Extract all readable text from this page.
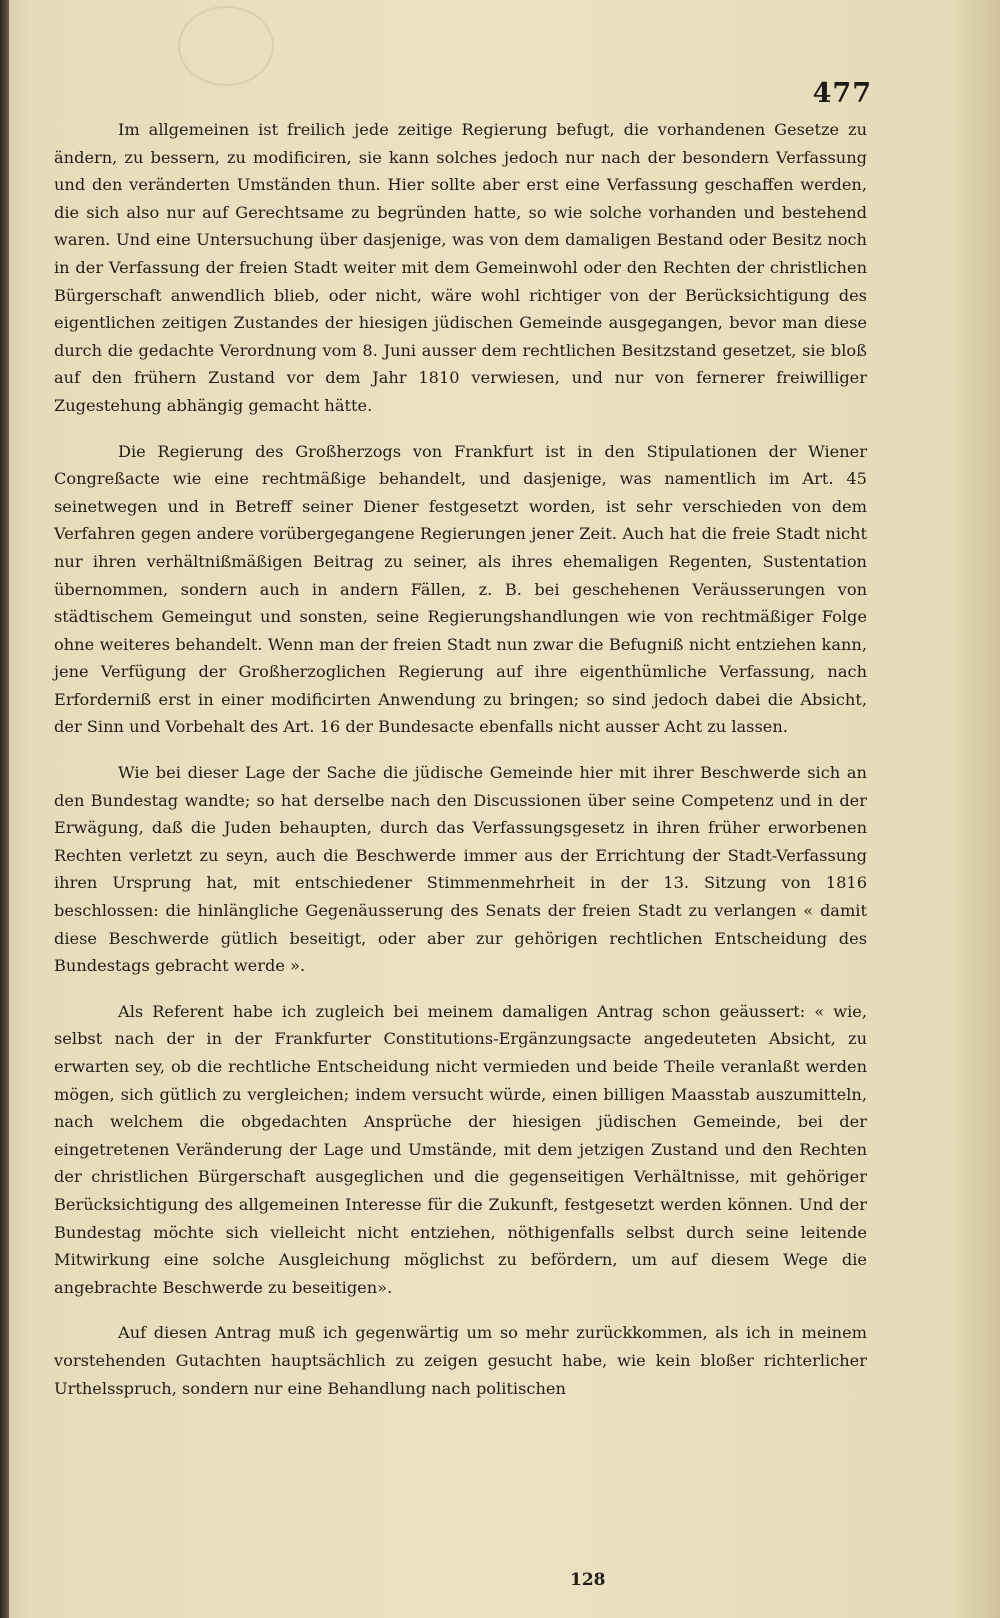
477

Im allgemeinen ist freilich jede zeitige Regierung befugt, die vorhandenen Gesetze zu ändern, zu bessern, zu modificiren, sie kann solches jedoch nur nach der besondern Verfassung und den veränderten Umständen thun. Hier sollte aber erst eine Verfassung geschaffen werden, die sich also nur auf Gerechtsame zu begründen hatte, so wie solche vorhanden und bestehend waren. Und eine Untersuchung über dasjenige, was von dem damaligen Bestand oder Besitz noch in der Verfassung der freien Stadt weiter mit dem Gemeinwohl oder den Rechten der christlichen Bürgerschaft anwendlich blieb, oder nicht, wäre wohl richtiger von der Berücksichtigung des eigentlichen zeitigen Zustandes der hiesigen jüdischen Gemeinde ausgegangen, bevor man diese durch die gedachte Verordnung vom 8. Juni ausser dem rechtlichen Besitzstand gesetzet, sie bloß auf den frühern Zustand vor dem Jahr 1810 verwiesen, und nur von fernerer freiwilliger Zugestehung abhängig gemacht hätte.

Die Regierung des Großherzogs von Frankfurt ist in den Stipulationen der Wiener Congreßacte wie eine rechtmäßige behandelt, und dasjenige, was namentlich im Art. 45 seinetwegen und in Betreff seiner Diener festgesetzt worden, ist sehr verschieden von dem Verfahren gegen andere vorübergegangene Regierungen jener Zeit. Auch hat die freie Stadt nicht nur ihren verhältnißmäßigen Beitrag zu seiner, als ihres ehemaligen Regenten, Sustentation übernommen, sondern auch in andern Fällen, z. B. bei geschehenen Veräusserungen von städtischem Gemeingut und sonsten, seine Regierungshandlungen wie von rechtmäßiger Folge ohne weiteres behandelt. Wenn man der freien Stadt nun zwar die Befugniß nicht entziehen kann, jene Verfügung der Großherzoglichen Regierung auf ihre eigenthümliche Verfassung, nach Erforderniß erst in einer modificirten Anwendung zu bringen; so sind jedoch dabei die Absicht, der Sinn und Vorbehalt des Art. 16 der Bundesacte ebenfalls nicht ausser Acht zu lassen.

Wie bei dieser Lage der Sache die jüdische Gemeinde hier mit ihrer Beschwerde sich an den Bundestag wandte; so hat derselbe nach den Discussionen über seine Competenz und in der Erwägung, daß die Juden behaupten, durch das Verfassungsgesetz in ihren früher erworbenen Rechten verletzt zu seyn, auch die Beschwerde immer aus der Errichtung der Stadt-Verfassung ihren Ursprung hat, mit entschiedener Stimmenmehrheit in der 13. Sitzung von 1816 beschlossen: die hinlängliche Gegenäusserung des Senats der freien Stadt zu verlangen « damit diese Beschwerde gütlich beseitigt, oder aber zur gehörigen rechtlichen Entscheidung des Bundestags gebracht werde ».

Als Referent habe ich zugleich bei meinem damaligen Antrag schon geäussert: « wie, selbst nach der in der Frankfurter Constitutions-Ergänzungsacte angedeuteten Absicht, zu erwarten sey, ob die rechtliche Entscheidung nicht vermieden und beide Theile veranlaßt werden mögen, sich gütlich zu vergleichen; indem versucht würde, einen billigen Maasstab auszumitteln, nach welchem die obgedachten Ansprüche der hiesigen jüdischen Gemeinde, bei der eingetretenen Veränderung der Lage und Umstände, mit dem jetzigen Zustand und den Rechten der christlichen Bürgerschaft ausgeglichen und die gegenseitigen Verhältnisse, mit gehöriger Berücksichtigung des allgemeinen Interesse für die Zukunft, festgesetzt werden können. Und der Bundestag möchte sich vielleicht nicht entziehen, nöthigenfalls selbst durch seine leitende Mitwirkung eine solche Ausgleichung möglichst zu befördern, um auf diesem Wege die angebrachte Beschwerde zu beseitigen».

Auf diesen Antrag muß ich gegenwärtig um so mehr zurückkommen, als ich in meinem vorstehenden Gutachten hauptsächlich zu zeigen gesucht habe, wie kein bloßer richterlicher Urthelsspruch, sondern nur eine Behandlung nach politischen

128
